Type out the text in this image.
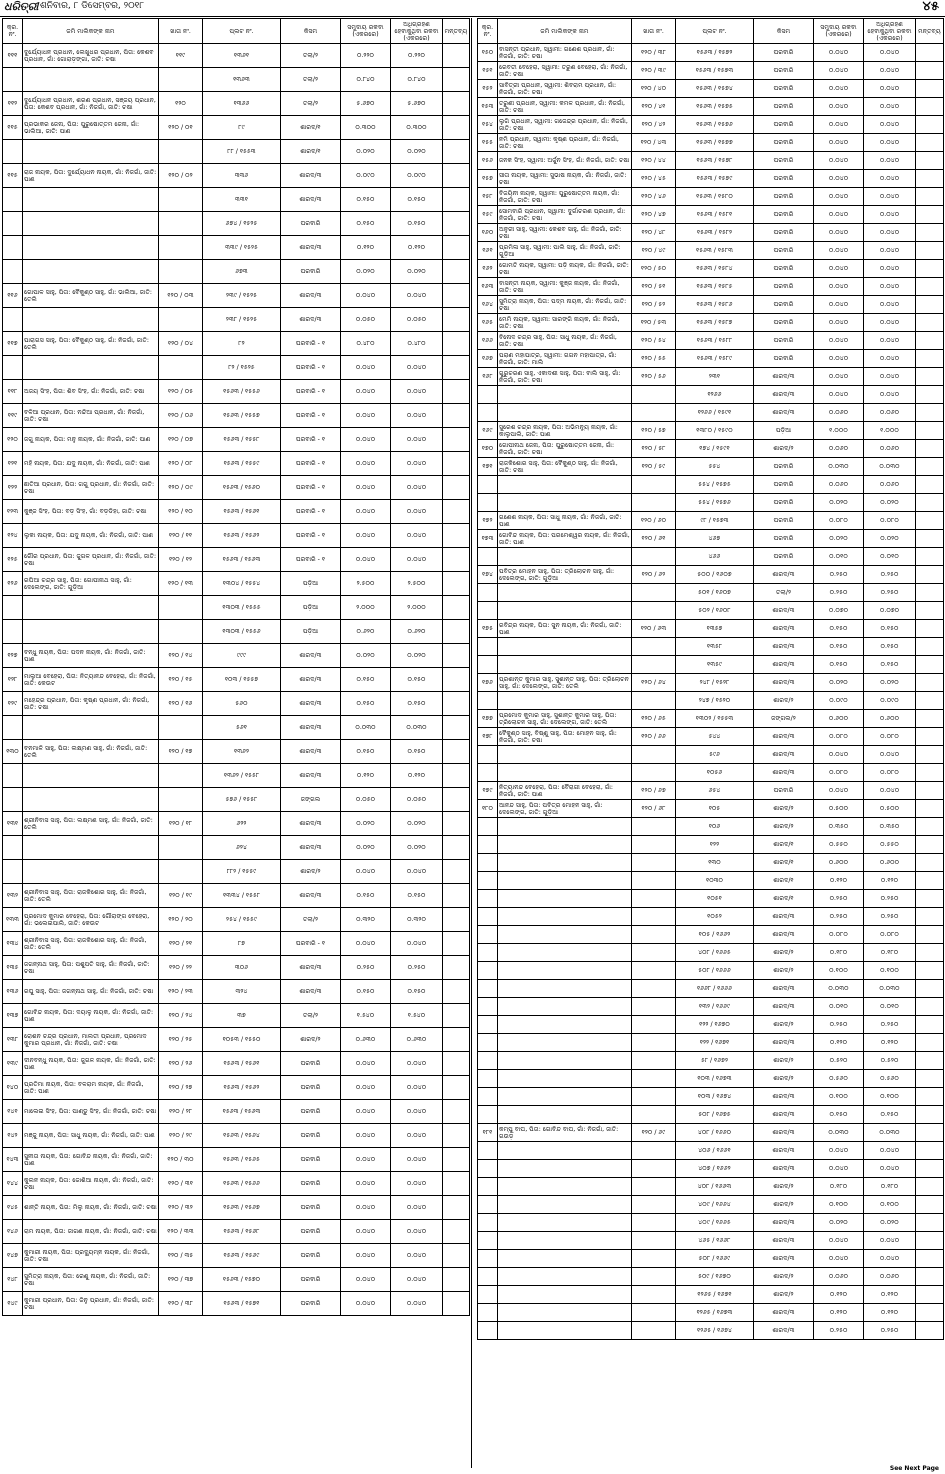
ଧରିତ୍ରୀ ଶନିବାର, ୮ ଡିସେମ୍ବର, ୨୦୧୮	୪୫
କ୍ର. ନଂ.	ଜମି ମାଲିକଙ୍କ ନାମ	ଖାତା ନଂ.	ପ୍ଲଟ ନଂ.	କିସମ	ସମୁଦାୟ ରକବା (ଏକରରେ)	ଅଧିଗ୍ରହଣ ହେବାକୁଥିବା ରକବା (ଏକରରେ)	ମନ୍ତବ୍ୟ
୧୧୧	ଦୁର୍ଯ୍ୟୋଧନ ପ୍ରଧାନ, ଲେଖୁଧର ପ୍ରଧାନ, ପିତା: କେଶବ ପ୍ରଧାନ, ଗାଁ: ଗୋରାଡ଼ଙ୍ଗା, ଜାତି: ଚଷା	୧୧୯	୧୩୬୧	ତଲା/୨	୦.୨୨୦	୦.୨୨୦	
			୧୩୬୩	ତଲା/୨	୦.୮୪୦	୦.୮୪୦	
୧୧୨	ଦୁର୍ଯ୍ୟୋଧନ ପ୍ରଧାନ, ଶରଣ ପ୍ରଧାନ, ସଞ୍ଜୟ ପ୍ରଧାନ, ପିତା: କେଶବ ପ୍ରଧାନ, ଗାଁ: ନିଜଗାଁ, ଜାତି: ଚଷା	୧୨୦	୧୩୬୬	ତଲା/୨	୫.୬୭୦	୫.୬୭୦	
୧୧୫	ପ୍ରଭାକର ଜେନା, ପିତା: ପୁରୁଷୋତ୍ତମ ଜେନା, ଗାଁ: ଭାଲିଆ, ଜାତି: ପାଣ	୧୨୦ / ୦୧	୮୯	ଶାରଦ/୧	୦.୩୦୦	୦.୩୦୦	
			୮୮ / ୧୫୫୩	ଶାରଦ/୧	୦.୦୨୦	୦.୦୨୦	
୧୧୫	ରାଜ ନାୟକ, ପିତା: ଦୁର୍ଯ୍ୟୋଧନ ନାୟକ, ଗାଁ: ନିଜଗାଁ, ଜାତି: ପାଣ	୧୨୦ / ୦୨	୩୩୬	ଶାରଦ/୩	୦.୦୯୦	୦.୦୯୦	
			୩୩୧	ଶାରଦ/୩	୦.୧୫୦	୦.୧୫୦	
			୬୭୪ / ୧୫୨୫	ଘରବାରି	୦.୧୫୦	୦.୧୫୦	
			୩୩୯ / ୧୫୨୫	ଶାରଦ/୩	୦.୧୨୦	୦.୧୨୦	
			୬୭୩	ଘରବାରି	୦.୦୨୦	୦.୦୨୦	
୧୧୬	ଗୋପାଳ ସାହୁ, ପିତା: ବୈକୁଣ୍ଠ ସାହୁ, ଗାଁ: ଭାଲିଆ, ଜାତି: ତେଲି	୧୨୦ / ୦୩	୨୩୯ / ୧୫୨୫	ଶାରଦ/୩	୦.୦୪୦	୦.୦୪୦	
			୨୩୮ / ୧୫୨୫	ଶାରଦ/୩	୦.୦୫୦	୦.୦୫୦	
୧୧୭	ପାରାଗସ ସାହୁ, ପିତା: ବୈକୁଣ୍ଠ ସାହୁ, ଗାଁ: ନିଜଗାଁ, ଜାତି: ତେଲି	୧୨୦ / ୦୪	୮୨	ଘରବାରି - ୧	୦.୪୮୦	୦.୪୮୦	
			୮୨ / ୧୫୨୫	ଘରବାରି - ୧	୦.୦୪୦	୦.୦୪୦	
୧୧୮	ଅଜୟ ସିଂହ, ପିତା: ଶିବ ସିଂହ, ଗାଁ: ନିଜଗାଁ, ଜାତି: ଚଷା	୧୨୦ / ୦୫	୧୫୬୩ / ୧୫୫୬	ଘରବାରି - ୧	୦.୦୪୦	୦.୦୪୦	
୧୧୯	ବଳିଆ ପ୍ରଧାନ, ପିତା: ନନ୍ଦିଆ ପ୍ରଧାନ, ଗାଁ: ନିଜଗାଁ, ଜାତି: ଚଷା	୧୨୦ / ୦୬	୧୫୬୩ / ୧୫୫୭	ଘରବାରି - ୧	୦.୦୪୦	୦.୦୪୦	
୧୨୦	ଜଗୁ ନାୟକ, ପିତା: ମନୁ ନାୟକ, ଗାଁ: ନିଜଗାଁ, ଜାତି: ପାଣ	୧୨୦ / ୦୭	୧୫୬୩ / ୧୫୫୮	ଘରବାରି - ୧	୦.୦୪୦	୦.୦୪୦	
୧୨୧	ମହି ନାୟକ, ପିତା: ଯଦୁ ନାୟକ, ଗାଁ: ନିଜଗାଁ, ଜାତି: ପାଣ	୧୨୦ / ୦୮	୧୫୬୩ / ୧୫୫୯	ଘରବାରି - ୧	୦.୦୪୦	୦.୦୪୦	
୧୨୨	ଛାତିଆ ପ୍ରଧାନ, ପିତା: ଗଗୁ ପ୍ରଧାନ, ଗାଁ: ନିଜଗାଁ, ଜାତି: ଚଷା	୧୨୦ / ୦୯	୧୫୬୩ / ୧୫୬୦	ଘରବାରି - ୧	୦.୦୪୦	୦.୦୪୦	
୧୨୩	କୁଞ୍ଜ ସିଂହ, ପିତା: ବଡ଼ ସିଂହ, ଗାଁ: ବଡ଼ଡିହା, ଜାତି: ଚଷା	୧୨୦ / ୧୦	୧୫୬୩ / ୧୫୬୧	ଘରବାରି - ୧	୦.୦୪୦	୦.୦୪୦	
୧୨୪	ଲୁକା ନାୟକ, ପିତା: ଯଦୁ ନାୟକ, ଗାଁ: ନିଜଗାଁ, ଜାତି: ପାଣ	୧୨୦ / ୧୧	୧୫୬୩ / ୧୫୬୨	ଘରବାରି - ୧	୦.୦୪୦	୦.୦୪୦	
୧୨୫	ଗୌର ପ୍ରଧାନ, ପିତା: ଜୁଗଳ ପ୍ରଧାନ, ଗାଁ: ନିଜଗାଁ, ଜାତି: ଚଷା	୧୨୦ / ୧୨	୧୫୬୩ / ୧୫୬୩	ଘରବାରି - ୧	୦.୦୪୦	୦.୦୪୦	
୧୨୬	ରଘିଆ ଚନ୍ଦ୍ର ସାହୁ, ପିତା: ଗୋପୀନାଥ ସାହୁ, ଗାଁ: ଦେଲେଙ୍ଗ, ଜାତି: ଗୁଡ଼ିଆ	୧୨୦ / ୧୩	୧୩୦୪ / ୧୫୫୪	ପଡ଼ିଆ	୨.୫୦୦	୨.୫୦୦	
			୧୩୦୩ / ୧୫୫୫	ପଡ଼ିଆ	୨.୦୦୦	୨.୦୦୦	
			୧୩୦୩ / ୧୫୫୬	ପଡ଼ିଆ	୦.୬୨୦	୦.୬୨୦	
୧୨୭	ବନ୍ଧୁ ନାୟକ, ପିତା: ପଦନ ନାୟକ, ଗାଁ: ନିଜଗାଁ, ଜାତି: ପାଣ	୧୨୦ / ୧୪	୯୯୯	ଶାରଦ/୩	୦.୦୨୦	୦.୦୨୦	
୧୨୮	ମାଲୁଆ ବେହେରା, ପିତା: ନିତ୍ୟାନନ୍ଦ ବେହେରା, ଗାଁ: ନିଜଗାଁ, ଜାତି: କେଉଟ	୧୨୦ / ୧୫	୧୦୩ / ୧୫୫୭	ଶାରଦ/୩	୦.୧୫୦	୦.୧୫୦	
୧୨୯	ମହେନ୍ଦ୍ର ପ୍ରଧାନ, ପିତା: କୃଷ୍ଣ ପ୍ରଧାନ, ଗାଁ: ନିଜଗାଁ, ଜାତି: ଚଷା	୧୨୦ / ୧୬	୫୬୦	ଶାରଦ/୩	୦.୧୫୦	୦.୧୫୦	
			୫୬୧	ଶାରଦ/୩	୦.୦୩୦	୦.୦୩୦	
୧୩୦	ବନମାଳି ସାହୁ, ପିତା: ଲକ୍ଷ୍ମଣ ସାହୁ, ଗାଁ: ନିଜଗାଁ, ଜାତି: ତେଲି	୧୨୦ / ୧୭	୧୩୬୨	ଶାରଦ/୩	୦.୧୫୦	୦.୧୫୦	
			୧୩୬୨ / ୧୫୫୮	ଶାରଦ/୩	୦.୧୨୦	୦.୧୨୦	
			୫୭୬ / ୧୫୫୮	ଜଙ୍ଗଲ	୦.୦୫୦	୦.୦୫୦	
୧୩୧	ଶ୍ରୀନିବାସ ସାହୁ, ପିତା: ଲକ୍ଷ୍ମଣ ସାହୁ, ଗାଁ: ନିଜଗାଁ, ଜାତି: ତେଲି	୧୨୦ / ୧୮	୬୨୨	ଶାରଦ/୩	୦.୦୨୦	୦.୦୨୦	
			୬୨୪	ଶାରଦ/୩	୦.୦୨୦	୦.୦୨୦	
			୮୮୨ / ୧୫୫୯	ଶାରଦ/୨	୦.୦୪୦	୦.୦୪୦	
୧୩୨	ଶ୍ରୀନିବାସ ସାହୁ, ପିତା: ରାଜକିଶୋର ସାହୁ, ଗାଁ: ନିଜଗାଁ, ଜାତି: ତେଲି	୧୨୦ / ୧୯	୧୩୩୪ / ୧୫୫୮	ଶାରଦ/୩	୦.୧୫୦	୦.୧୫୦	
୧୩୩	ପ୍ରମୋଦ କୁମାର ବେହେରା, ପିତା: ଗୌରାଙ୍ଗ ବେହେରା, ଗାଁ: ଭଲେଇପାଲି, ଜାତି: କେଉଟ	୧୨୦ / ୨୦	୨୫୪ / ୧୫୫୯	ତଲା/୨	୦.୩୨୦	୦.୩୨୦	
୧୩୪	ଶ୍ରୀନିବାସ ସାହୁ, ପିତା: ରାଜକିଶୋର ସାହୁ, ଗାଁ: ନିଜଗାଁ, ଜାତି: ତେଲି	୧୨୦ / ୨୧	୮୭	ଘରବାରି - ୧	୦.୦୪୦	୦.୦୪୦	
୧୩୫	ଜଗନ୍ନାଥ ସାହୁ, ପିତା: ପଶୁପତି ସାହୁ, ଗାଁ: ନିଜଗାଁ, ଜାତି: ଚଷା	୧୨୦ / ୨୨	୩୦୬	ଶାରଦ/୩	୦.୨୫୦	୦.୨୫୦	
୧୩୬	ରଘୁ ସାହୁ, ପିତା: ଜଗନ୍ନାଥ ସାହୁ, ଗାଁ: ନିଜଗାଁ, ଜାତି: ଚଷା	୧୨୦ / ୨୩	୩୨୪	ଶାରଦ/୩	୦.୧୫୦	୦.୧୫୦	
୧୩୭	ଗୋବିନ୍ଦ ନାୟକ, ପିତା: ଦୟାଳୁ ନାୟକ, ଗାଁ: ନିଜଗାଁ, ଜାତି: ପାଣ	୧୨୦ / ୨୪	୩୭	ତଲା/୨	୧.୫୪୦	୧.୫୪୦	
୧୩୮	ରୋଶନ ଚନ୍ଦ୍ର ପ୍ରଧାନ, ମାଲତୀ ପ୍ରଧାନ, ପ୍ରମୋଦ କୁମାର ପ୍ରଧାନ, ଗାଁ: ନିଜଗାଁ, ଜାତି: ଚଷା	୧୨୦ / ୨୫	୧୦୫୩ / ୧୫୫୦	ଶାରଦ/୨	୦.୬୩୦	୦.୬୩୦	
୧୩୯	ଦୀନବନ୍ଧୁ ନାୟକ, ପିତା: ଜୁଗଳ ନାୟକ, ଗାଁ: ନିଜଗାଁ, ଜାତି: ପାଣ	୧୨୦ / ୨୬	୧୫୬୩ / ୧୫୬୧	ଘରବାରି	୦.୦୪୦	୦.୦୪୦	
୧୪୦	ପ୍ରତିମା ନାୟକ, ପିତା: ବଳରାମ ନାୟକ, ଗାଁ: ନିଜଗାଁ, ଜାତି: ପାଣ	୧୨୦ / ୨୭	୧୫୬୩ / ୧୫୬୨	ଘରବାରି	୦.୦୪୦	୦.୦୪୦	
୧୪୧	ମାଲେଇ ସିଂହ, ପିତା: ପାଣ୍ଡୁ ସିଂହ, ଗାଁ: ନିଜଗାଁ, ଜାତି: ଚଷା	୧୨୦ / ୨୮	୧୫୬୩ / ୧୫୬୩	ଘରବାରି	୦.୦୪୦	୦.୦୪୦	
୧୪୨	ମଞ୍ଜୁ ନାୟକ, ପିତା: ସାଧୁ ନାୟକ, ଗାଁ: ନିଜଗାଁ, ଜାତି: ପାଣ	୧୨୦ / ୨୯	୧୫୬୩ / ୧୫୬୪	ଘରବାରି	୦.୦୪୦	୦.୦୪୦	
୧୪୩	ସୁନୀତା ନାୟକ, ପିତା: ଗୋବିନ୍ଦ ନାୟକ, ଗାଁ: ନିଜଗାଁ, ଜାତି: ପାଣ	୧୨୦ / ୩୦	୧୫୬୩ / ୧୫୬୫	ଘରବାରି	୦.୦୪୦	୦.୦୪୦	
୧୪୪	କୁଲନ ନାୟକ, ପିତା: ଜୋଶିଆ ନାୟକ, ଗାଁ: ନିଜଗାଁ, ଜାତି: ଚଷା	୧୨୦ / ୩୧	୧୫୬୩ / ୧୫୬୬	ଘରବାରି	୦.୦୪୦	୦.୦୪୦	
୧୪୫	ଶାନ୍ତି ନାୟକ, ପିତା: ମିଲୁ ନାୟକ, ଗାଁ: ନିଜଗାଁ, ଜାତି: ଚଷା	୧୨୦ / ୩୨	୧୫୬୩ / ୧୫୬୭	ଘରବାରି	୦.୦୪୦	୦.୦୪୦	
୧୪୬	ରାମ ନାୟକ, ପିତା: ଜାଗଣ ନାୟକ, ଗାଁ: ନିଜଗାଁ, ଜାତି: ଚଷା	୧୨୦ / ୩୩	୧୫୬୩ / ୧୫୬୮	ଘରବାରି	୦.୦୪୦	୦.୦୪୦	
୧୪୭	କୁମାରୀ ନାୟକ, ପିତା: ପ୍ରଦ୍ୟୁମ୍ନ ନାୟକ, ଗାଁ: ନିଜଗାଁ, ଜାତି: ଚଷା	୧୨୦ / ୩୫	୧୫୬୩ / ୧୫୬୯	ଘରବାରି	୦.୦୪୦	୦.୦୪୦	
୧୪୮	ସୁମିତ୍ରା ନାୟକ, ପିତା: ରେଣୁ ନାୟକ, ଗାଁ: ନିଜଗାଁ, ଜାତି: ଚଷା	୧୨୦ / ୩୭	୧୫୬୩ / ୧୫୭୦	ଘରବାରି	୦.୦୪୦	୦.୦୪୦	
୧୪୯	କୁମାରୀ ପ୍ରଧାନ, ପିତା: ଜିନୁ ପ୍ରଧାନ, ଗାଁ: ନିଜଗାଁ, ଜାତି: ଚଷା	୧୨୦ / ୩୮	୧୫୬୩ / ୧୫୭୧	ଘରବାରି	୦.୦୪୦	୦.୦୪୦	
କ୍ର. ନଂ.	ଜମି ମାଲିକଙ୍କ ନାମ	ଖାତା ନଂ.	ପ୍ଲଟ ନଂ.	କିସମ	ସମୁଦାୟ ରକବା (ଏକରରେ)	ଅଧିଗ୍ରହଣ ହେବାକୁଥିବା ରକବା (ଏକରରେ)	ମନ୍ତବ୍ୟ
୧୫୦	ବାସନ୍ତୀ ପ୍ରଧାନ, ସ୍ୱାମୀ: ଗଣେଶ ପ୍ରଧାନ, ଗାଁ: ନିଜଗାଁ, ଜାତି: ଚଷା	୧୨୦ / ୩୮	୧୫୬୩ / ୧୫୭୨	ଘରବାରି	୦.୦୪୦	୦.୦୪୦	
୧୫୧	ରେବତୀ ବେହେରା, ସ୍ୱାମୀ: ତରୁଣ ବେହେରା, ଗାଁ: ନିଜଗାଁ, ଜାତି: ଚଷା	୧୨୦ / ୩୯	୧୫୬୩ / ୧୫୭୩	ଘରବାରି	୦.୦୪୦	୦.୦୪୦	
୧୫୨	ସାବିତ୍ରୀ ପ୍ରଧାନ, ସ୍ୱାମୀ: ଶିବରାମ ପ୍ରଧାନ, ଗାଁ: ନିଜଗାଁ, ଜାତି: ଚଷା	୧୨୦ / ୪୦	୧୫୬୩ / ୧୫୭୪	ଘରବାରି	୦.୦୪୦	୦.୦୪୦	
୧୫୩	ତରୁଣୀ ପ୍ରଧାନ, ସ୍ୱାମୀ: କମଳ ପ୍ରଧାନ, ଗାଁ: ନିଜଗାଁ, ଜାତି: ଚଷା	୧୨୦ / ୪୧	୧୫୬୩ / ୧୫୭୫	ଘରବାରି	୦.୦୪୦	୦.୦୪୦	
୧୫୪	ଲୁଗି ପ୍ରଧାନ, ସ୍ୱାମୀ: ଗଜେନ୍ଦ୍ର ପ୍ରଧାନ, ଗାଁ: ନିଜଗାଁ, ଜାତି: ଚଷା	୧୨୦ / ୪୨	୧୫୬୩ / ୧୫୭୬	ଘରବାରି	୦.୦୪୦	୦.୦୪୦	
୧୫୫	ନମି ପ୍ରଧାନ, ସ୍ୱାମୀ: କୃଷ୍ଣ ପ୍ରଧାନ, ଗାଁ: ନିଜଗାଁ, ଜାତି: ଚଷା	୧୨୦ / ୪୩	୧୫୬୩ / ୧୫୭୭	ଘରବାରି	୦.୦୪୦	୦.୦୪୦	
୧୫୬	ଜନକ ସିଂହ, ସ୍ୱାମୀ: ଅର୍ଜୁନ ସିଂହ, ଗାଁ: ନିଜଗାଁ, ଜାତି: ଚଷା	୧୨୦ / ୪୪	୧୫୬୩ / ୧୫୭୮	ଘରବାରି	୦.୦୪୦	୦.୦୪୦	
୧୫୭	ସୀତା ନାୟକ, ସ୍ୱାମୀ: ସୁଭାଷ ନାୟକ, ଗାଁ: ନିଜଗାଁ, ଜାତି: ଚଷା	୧୨୦ / ୪୫	୧୫୬୩ / ୧୫୭୯	ଘରବାରି	୦.୦୪୦	୦.୦୪୦	
୧୫୮	ବିଜୟିନୀ ନାୟକ, ସ୍ୱାମୀ: ପୁରୁଷୋତ୍ତମ ନାୟକ, ଗାଁ: ନିଜଗାଁ, ଜାତି: ଚଷା	୧୨୦ / ୪୬	୧୫୬୩ / ୧୫୮୦	ଘରବାରି	୦.୦୪୦	୦.୦୪୦	
୧୫୯	ସୋମବାରି ପ୍ରଧାନ, ସ୍ୱାମୀ: ଦୁର୍ଗାଚରଣ ପ୍ରଧାନ, ଗାଁ: ନିଜଗାଁ, ଜାତି: ଚଷା	୧୨୦ / ୪୭	୧୫୬୩ / ୧୫୮୧	ଘରବାରି	୦.୦୪୦	୦.୦୪୦	
୧୬୦	ଅନୁରୀ ସାହୁ, ସ୍ୱାମୀ: କେଶବ ସାହୁ, ଗାଁ: ନିଜଗାଁ, ଜାତି: ଚଷା	୧୨୦ / ୪୮	୧୫୬୩ / ୧୫୮୨	ଘରବାରି	୦.୦୪୦	୦.୦୪୦	
୧୬୧	ପ୍ରମିଳା ସାହୁ, ସ୍ୱାମୀ: ପାଲି ସାହୁ, ଗାଁ: ନିଜଗାଁ, ଜାତି: ଗୁଡ଼ିଆ	୧୨୦ / ୪୯	୧୫୬୩ / ୧୫୮୩	ଘରବାରି	୦.୦୪୦	୦.୦୪୦	
୧୬୨	ଗୋମତି ନାୟକ, ସ୍ୱାମୀ: ପଡ଼ି ନାୟକ, ଗାଁ: ନିଜଗାଁ, ଜାତି: ଚଷା	୧୨୦ / ୫୦	୧୫୬୩ / ୧୫୮୪	ଘରବାରି	୦.୦୪୦	୦.୦୪୦	
୧୬୩	ବାସନ୍ତୀ ନାୟକ, ସ୍ୱାମୀ: କୁଞ୍ଜ ନାୟକ, ଗାଁ: ନିଜଗାଁ, ଜାତି: ଚଷା	୧୨୦ / ୫୧	୧୫୬୩ / ୧୫୮୫	ଘରବାରି	୦.୦୪୦	୦.୦୪୦	
୧୬୪	ସୁମିତ୍ରା ନାୟକ, ପିତା: ପଦ୍ମ ନାୟକ, ଗାଁ: ନିଜଗାଁ, ଜାତି: ଚଷା	୧୨୦ / ୫୨	୧୫୬୩ / ୧୫୮୬	ଘରବାରି	୦.୦୪୦	୦.୦୪୦	
୧୬୫	ମେମି ନାୟକ, ସ୍ୱାମୀ: ସାରଙ୍ଗି ନାୟକ, ଗାଁ: ନିଜଗାଁ, ଜାତି: ଚଷା	୧୨୦ / ୫୩	୧୫୬୩ / ୧୫୮୭	ଘରବାରି	୦.୦୪୦	୦.୦୪୦	
୧୬୬	ବିନୋଦ ଚନ୍ଦ୍ର ସାହୁ, ପିତା: ସାଧୁ ନାୟକ, ଗାଁ: ନିଜଗାଁ, ଜାତି: ଚଷା	୧୨୦ / ୫୪	୧୫୬୩ / ୧୫୮୮	ଘରବାରି	୦.୦୪୦	୦.୦୪୦	
୧୬୭	ପରାଣ ମହାପାତ୍ର, ସ୍ୱାମୀ: ଗଗନ ମହାପାତ୍ର, ଗାଁ: ନିଜଗାଁ, ଜାତି: ମାଲି	୧୨୦ / ୫୫	୧୫୬୩ / ୧୫୮୯	ଘରବାରି	୦.୦୪୦	୦.୦୪୦	
୧୬୮	ଗୁରୁଚରଣ ସାହୁ, ଏକାଦଶୀ ସାହୁ, ପିତା: ବାଲି ସାହୁ, ଗାଁ: ନିଜଗାଁ, ଜାତି: ଚଷା	୧୨୦ / ୫୬	୨୩୧	ଶାରଦ/୩	୦.୦୪୦	୦.୦୪୦	
			୧୨୬୬	ଶାରଦ/୩	୦.୦୪୦	୦.୦୪୦	
			୧୨୬୬ / ୧୫୯୧	ଶାରଦ/୩	୦.୦୬୦	୦.୦୬୦	
୧୬୯	ସୁରେଶ ଚନ୍ଦ୍ର ନାୟକ, ପିତା: ଅଭିମନ୍ୟୁ ନାୟକ, ଗାଁ: କାଲୁପାଲି, ଜାତି: ପାଣ	୧୨୦ / ୫୭	୧୩୮୦ / ୧୫୯୦	ପଡ଼ିଆ	୧.୦୦୦	୧.୦୦୦	
୧୭୦	ଗୋପୀନାଥ ଜେନା, ପିତା: ପୁରୁଷୋତ୍ତମ ଜେନା, ଗାଁ: ନିଜଗାଁ, ଜାତି: ଚଷା	୧୨୦ / ୫୮	୧୭୪ / ୧୫୯୧	ଶାରଦ/୨	୦.୦୬୦	୦.୦୬୦	
୧୭୧	ରାଜକିଶୋର ସାହୁ, ପିତା: ବୈକୁଣ୍ଠ ସାହୁ, ଗାଁ: ନିଜଗାଁ, ଜାତି: ଚଷା	୧୨୦ / ୫୯	୫୫୪	ଘରବାରି	୦.୦୩୦	୦.୦୩୦	
			୫୫୪ / ୧୫୭୫	ଘରବାରି	୦.୦୬୦	୦.୦୬୦	
			୫୫୪ / ୧୫୭୬	ଘରବାରି	୦.୦୨୦	୦.୦୨୦	
୧୭୨	ଗଣେଶ ନାୟକ, ପିତା: ସାଧୁ ନାୟକ, ଗାଁ: ନିଜଗାଁ, ଜାତି: ପାଣ	୧୨୦ / ୬୦	୯୮ / ୧୫୭୩	ଘରବାରି	୦.୦୮୦	୦.୦୮୦	
୧୭୩	ଗୋବିନ୍ଦ ନାୟକ, ପିତା: ପରମେଶ୍ୱର ନାୟକ, ଗାଁ: ନିଜଗାଁ, ଜାତି: ପାଣ	୧୨୦ / ୬୧	୪୬୭	ଘରବାରି	୦.୦୨୦	୦.୦୨୦	
			୪୬୬	ଘରବାରି	୦.୦୧୦	୦.୦୧୦	
୧୭୪	ପବିତ୍ର ମୋହନ ସାହୁ, ପିତା: ତ୍ରିଲୋଚନ ସାହୁ, ଗାଁ: ଦେଲେଙ୍ଗ, ଜାତି: ଗୁଡ଼ିଆ	୧୨୦ / ୬୨	୫୦୦ / ୧୬୦୭	ଶାରଦ/୩	୦.୨୫୦	୦.୨୫୦	
			୫୦୧ / ୧୬୦୭	ତଲା/୨	୦.୨୫୦	୦.୨୫୦	
			୫୦୨ / ୧୬୦୮	ଶାରଦ/୩	୦.୦୭୦	୦.୦୭୦	
୧୭୫	ରବିନ୍ଦ୍ର ନାୟକ, ପିତା: ସୁନ ନାୟକ, ଗାଁ: ନିଜଗାଁ, ଜାତି: ପାଣ	୧୨୦ / ୬୩	୧୩୫୭	ଶାରଦ/୩	୦.୧୫୦	୦.୧୫୦	
			୧୩୫୮	ଶାରଦ/୩	୦.୧୫୦	୦.୧୫୦	
			୧୩୫୯	ଶାରଦ/୩	୦.୧୫୦	୦.୧୫୦	
୧୭୬	ପ୍ରଶାନ୍ତ କୁମାର ସାହୁ, ସୁଶାନ୍ତ ସାହୁ, ପିତା: ତ୍ରିଲୋଚନ ସାହୁ, ଗାଁ: ଦେଲେଙ୍ଗ, ଜାତି: ତେଲି	୧୨୦ / ୬୪	୨୪୮ / ୧୫୨୮	ଶାରଦ/୩	୦.୦୨୦	୦.୦୨୦	
			୨୪୭ / ୧୫୨୦	ଶାରଦ/୨	୦.୦୯୦	୦.୦୯୦	
୧୭୭	ପ୍ରମୋଦ କୁମାର ସାହୁ, ସୁଶାନ୍ତ କୁମାର ସାହୁ, ପିତା: ତ୍ରିଲୋଚନ ସାହୁ, ଗାଁ: ଦେଲେଙ୍ଗ, ଜାତି: ତେଲି	୧୨୦ / ୬୫	୧୩୦୨ / ୧୫୫୩	ଜଙ୍ଗଲ/୨	୦.୬୦୦	୦.୬୦୦	
୧୭୮	ବୈକୁଣ୍ଠ ସାହୁ, ବିଷ୍ଣୁ ସାହୁ, ପିତା: ମୋହନ ସାହୁ, ଗାଁ: ନିଜଗାଁ, ଜାତି: ଚଷା	୧୨୦ / ୬୬	୫୪୪	ଶାରଦ/୩	୦.୦୮୦	୦.୦୮୦	
			୫୯୬	ଶାରଦ/୩	୦.୦୪୦	୦.୦୪୦	
			୧୦୫୬	ଶାରଦ/୩	୦.୦୮୦	୦.୦୮୦	
୧୭୯	ନିତ୍ୟାନନ୍ଦ ବେହେରା, ପିତା: ବୈରାଗୀ ବେହେରା, ଗାଁ: ନିଜଗାଁ, ଜାତି: ପାଣ	୧୨୦ / ୬୭	୬୫୪	ଘରବାରି	୦.୦୪୦	୦.୦୪୦	
୧୮୦	ଆନନ୍ଦ ସାହୁ, ପିତା: ପବିତ୍ର ମୋହନ ସାହୁ, ଗାଁ: ଦେଲେଙ୍ଗ, ଜାତି: ଗୁଡ଼ିଆ	୧୨୦ / ୬୮	୧୦୫	ଶାରଦ/୨	୦.୫୦୦	୦.୫୦୦	
			୧୦୬	ଶାରଦ/୨	୦.୩୫୦	୦.୩୫୦	
			୧୨୨	ଶାରଦ/୧	୦.୫୫୦	୦.୫୫୦	
			୧୩୦	ଶାରଦ/୧	୦.୬୦୦	୦.୬୦୦	
			୧୦୩୦	ଶାରଦ/୧	୦.୧୨୦	୦.୧୨୦	
			୧୦୫୧	ଶାରଦ/୧	୦.୨୫୦	୦.୨୫୦	
			୧୦୫୨	ଶାରଦ/୩	୦.୨୫୦	୦.୨୫୦	
			୧୦୫ / ୧୬୬୨	ଶାରଦ/୩	୦.୦୮୦	୦.୦୮୦	
			୪୦୮ / ୧୬୬୫	ଶାରଦ/୨	୦.୧୮୦	୦.୧୮୦	
			୫୦୮ / ୧୬୬୬	ଶାରଦ/୨	୦.୧୦୦	୦.୧୦୦	
			୧୬୬୮ / ୧୬୬୬	ଶାରଦ/୩	୦.୦୩୦	୦.୦୩୦	
			୧୩୨ / ୧୬୬୯	ଶାରଦ/୩	୦.୦୧୦	୦.୦୧୦	
			୧୨୨ / ୧୬୭୦	ଶାରଦ/୨	୦.୨୫୦	୦.୨୫୦	
			୧୨୨ / ୧୬୭୧	ଶାରଦ/୩	୦.୧୨୦	୦.୧୨୦	
			୫୮ / ୧୬୭୨	ଶାରଦ/୨	୦.୫୨୦	୦.୫୨୦	
			୧୦୩ / ୧୬୭୩	ଶାରଦ/୨	୦.୫୬୦	୦.୫୬୦	
			୧୦୩ / ୧୬୭୪	ଶାରଦ/୩	୦.୧୦୦	୦.୧୦୦	
			୫୦୮ / ୧୬୭୫	ଶାରଦ/୩	୦.୧୫୦	୦.୧୫୦	
୧୮୧	କମ୍ପୁ ବାଘ, ପିତା: ଗୋବିନ୍ଦ ବାଘ, ଗାଁ: ନିଜଗାଁ, ଜାତି: ଗଉଡ଼	୧୨୦ / ୬୯	୪୦୮ / ୧୬୬୦	ଶାରଦ/୩	୦.୦୩୦	୦.୦୩୦	
			୪୦୬ / ୧୬୬୧	ଶାରଦ/୩	୦.୦୪୦	୦.୦୪୦	
			୪୦୭ / ୧୬୬୨	ଶାରଦ/୩	୦.୦୪୦	୦.୦୪୦	
			୪୦୮ / ୧୬୬୩	ଶାରଦ/୨	୦.୧୮୦	୦.୧୮୦	
			୪୦୯ / ୧୬୬୪	ଶାରଦ/୨	୦.୧୦୦	୦.୧୦୦	
			୪୦୯ / ୧୬୬୫	ଶାରଦ/୩	୦.୦୨୦	୦.୦୨୦	
			୪୬୫ / ୧୬୬୮	ଶାରଦ/୩	୦.୦୪୦	୦.୦୪୦	
			୫୦୮ / ୧୬୬୯	ଶାରଦ/୩	୦.୦୪୦	୦.୦୪୦	
			୫୦୯ / ୧୬୭୦	ଶାରଦ/୨	୦.୦୬୦	୦.୦୬୦	
			୧୨୬୫ / ୧୬୭୧	ଶାରଦ/୨	୦.୧୨୦	୦.୧୨୦	
			୧୨୬୫ / ୧୬୭୩	ଶାରଦ/୩	୦.୧୨୦	୦.୧୨୦	
			୧୨୬୫ / ୧୬୭୪	ଶାରଦ/୩	୦.୨୫୦	୦.୨୫୦	
See Next Page
